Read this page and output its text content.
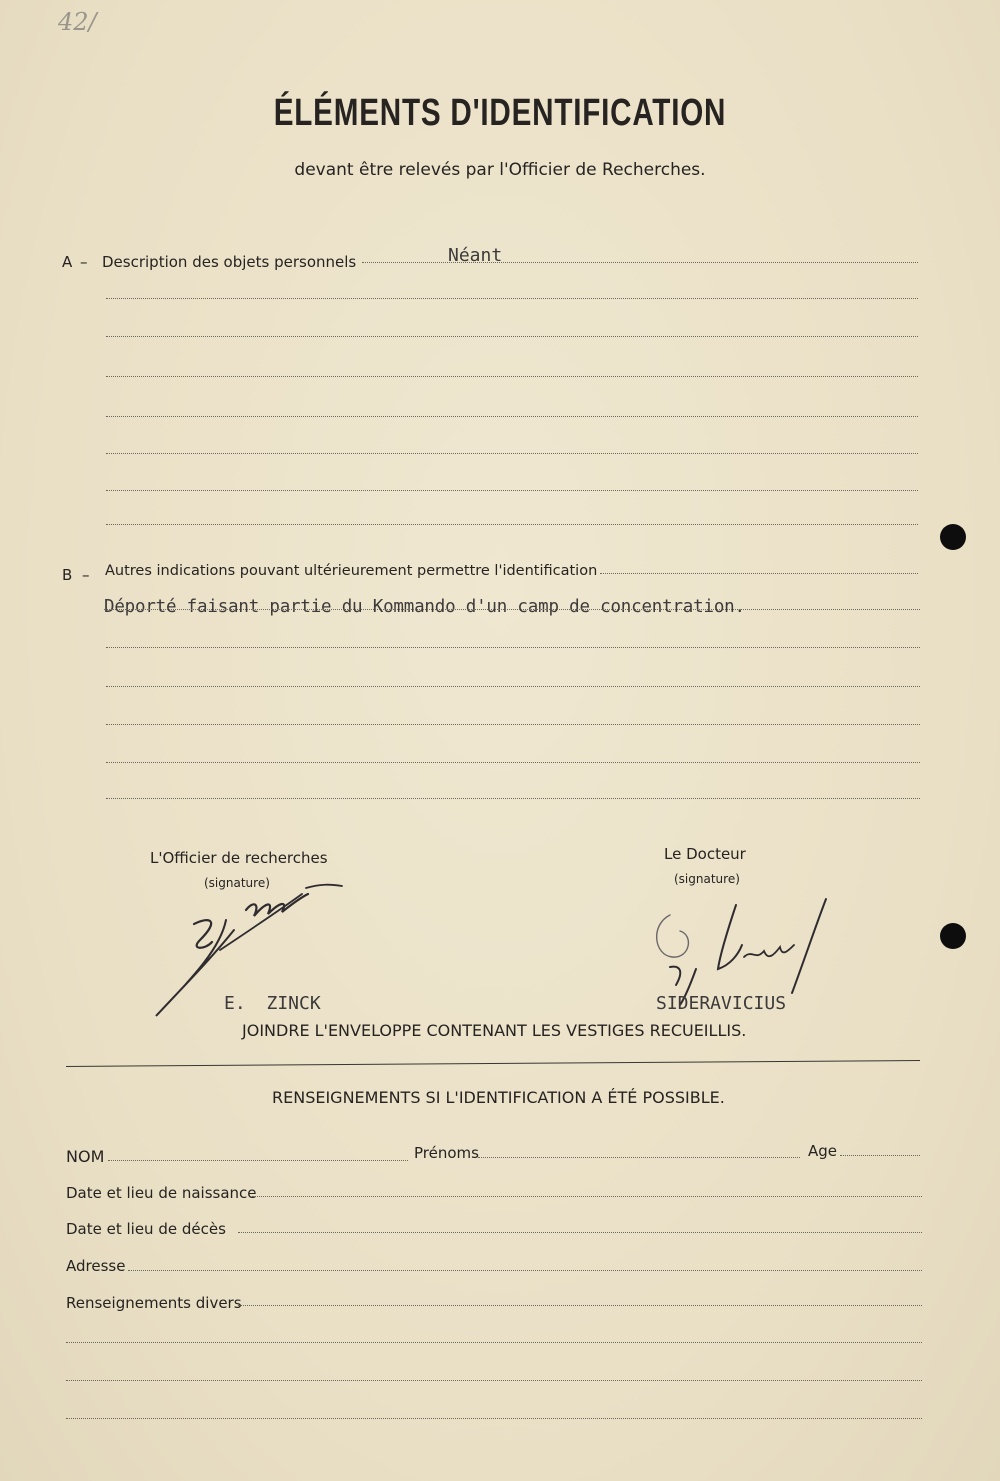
42/
ÉLÉMENTS D'IDENTIFICATION
devant être relevés par l'Officier de Recherches.
A – Description des objets personnels	Néant
B – Autres indications pouvant ultérieurement permettre l'identification
Déporté faisant partie du Kommando d'un camp de concentration.
L'Officier de recherches
(signature)
E. ZINCK
Le Docteur
(signature)
SIDERAVICIUS
JOINDRE L'ENVELOPPE CONTENANT LES VESTIGES RECUEILLIS.
RENSEIGNEMENTS SI L'IDENTIFICATION A ÉTÉ POSSIBLE.
NOM	Prénoms	Age
Date et lieu de naissance
Date et lieu de décès
Adresse
Renseignements divers
